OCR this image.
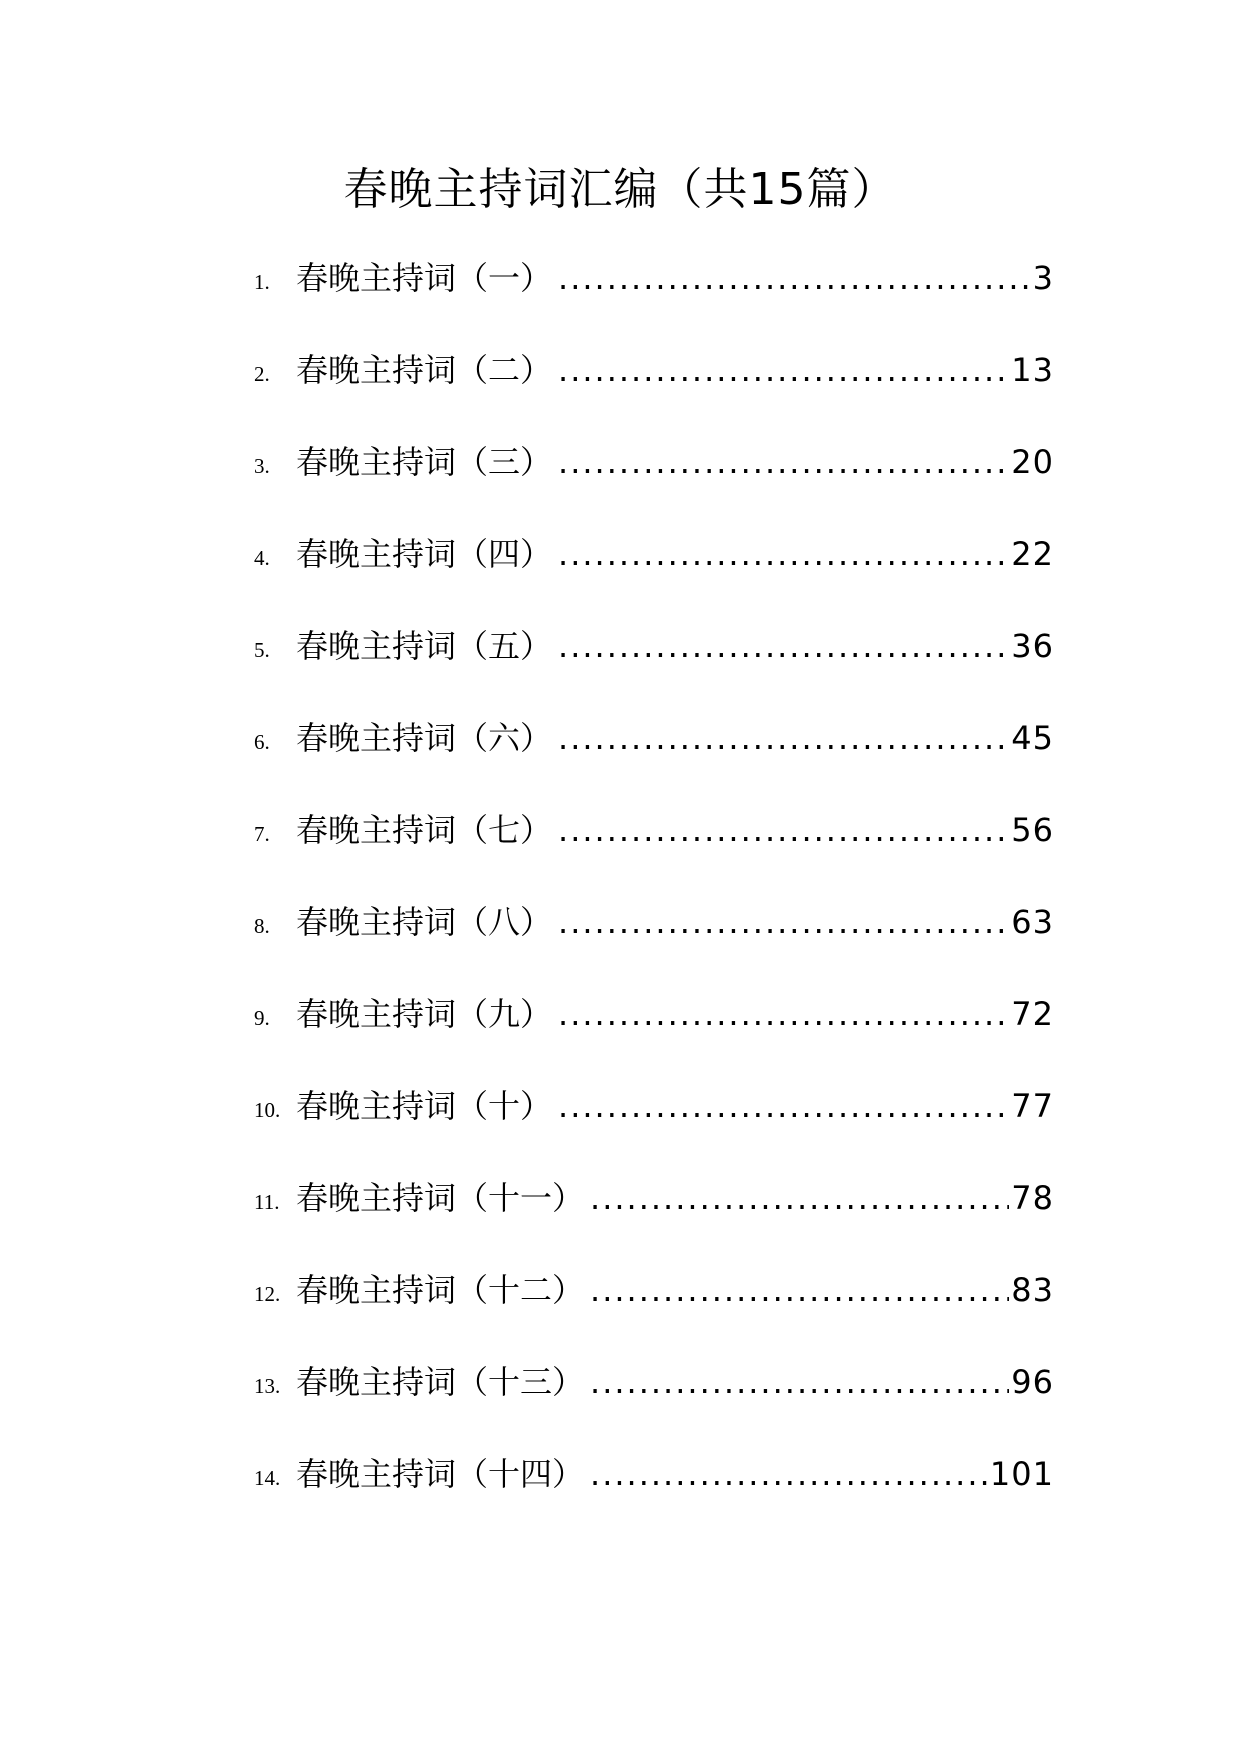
春晚主持词汇编（共15篇）
1. 春晚主持词（一） .....	3
2. 春晚主持词（二） .....	13
3. 春晚主持词（三） .....	20
4. 春晚主持词（四） .....	22
5. 春晚主持词（五） .....	36
6. 春晚主持词（六） .....	45
7. 春晚主持词（七） .....	56
8. 春晚主持词（八） .....	63
9. 春晚主持词（九） .....	72
10. 春晚主持词（十） .....	77
11. 春晚主持词（十一） .....	78
12. 春晚主持词（十二） .....	83
13. 春晚主持词（十三） .....	96
14. 春晚主持词（十四） .....	101
